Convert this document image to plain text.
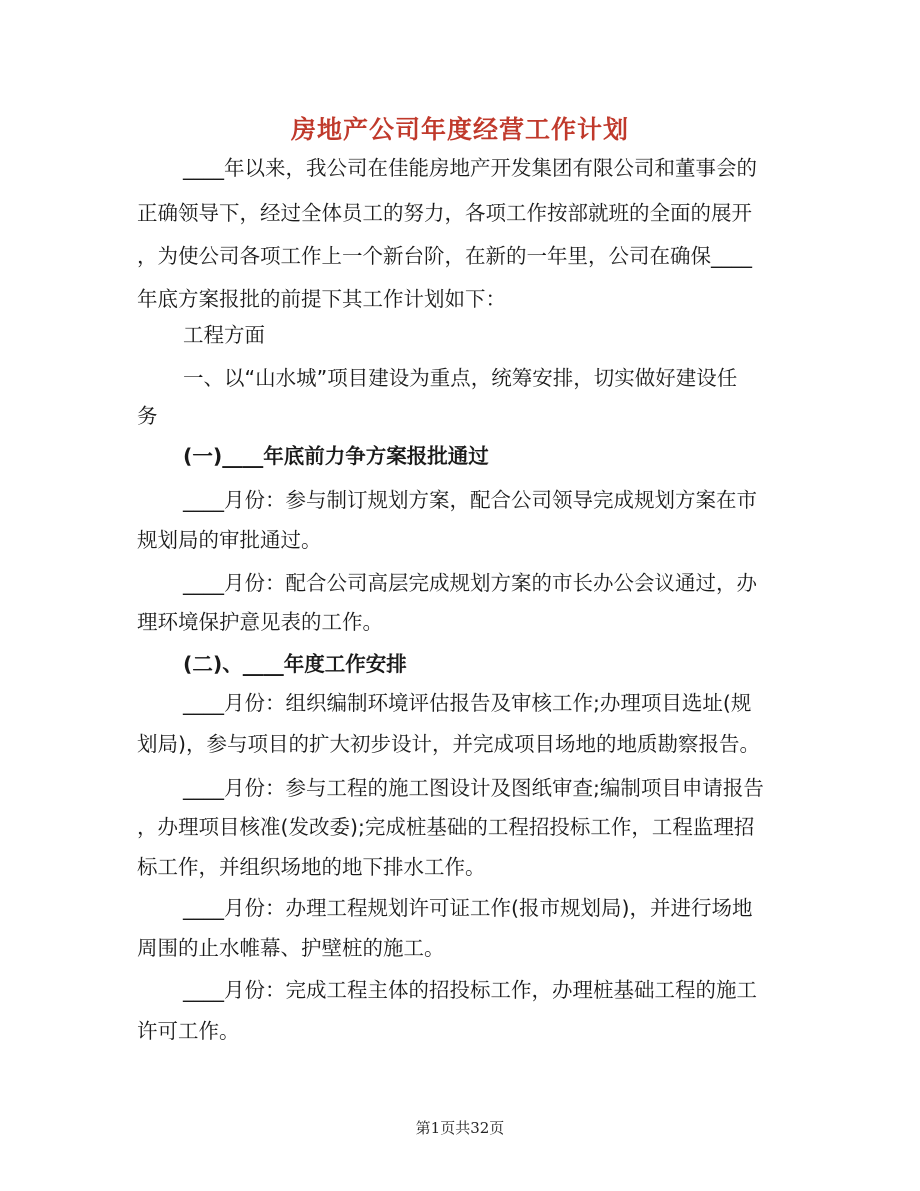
房地产公司年度经营工作计划
____年以来，我公司在佳能房地产开发集团有限公司和董事会的
正确领导下，经过全体员工的努力，各项工作按部就班的全面的展开
，为使公司各项工作上一个新台阶，在新的一年里，公司在确保____
年底方案报批的前提下其工作计划如下：
工程方面
一、以“山水城”项目建设为重点，统筹安排，切实做好建设任
务
(一)____年底前力争方案报批通过
____月份：参与制订规划方案，配合公司领导完成规划方案在市
规划局的审批通过。
____月份：配合公司高层完成规划方案的市长办公会议通过，办
理环境保护意见表的工作。
(二)、____年度工作安排
____月份：组织编制环境评估报告及审核工作;办理项目选址(规
划局)，参与项目的扩大初步设计，并完成项目场地的地质勘察报告。
____月份：参与工程的施工图设计及图纸审查;编制项目申请报告
，办理项目核准(发改委);完成桩基础的工程招投标工作，工程监理招
标工作，并组织场地的地下排水工作。
____月份：办理工程规划许可证工作(报市规划局)，并进行场地
周围的止水帷幕、护壁桩的施工。
____月份：完成工程主体的招投标工作，办理桩基础工程的施工
许可工作。
第1页共32页
